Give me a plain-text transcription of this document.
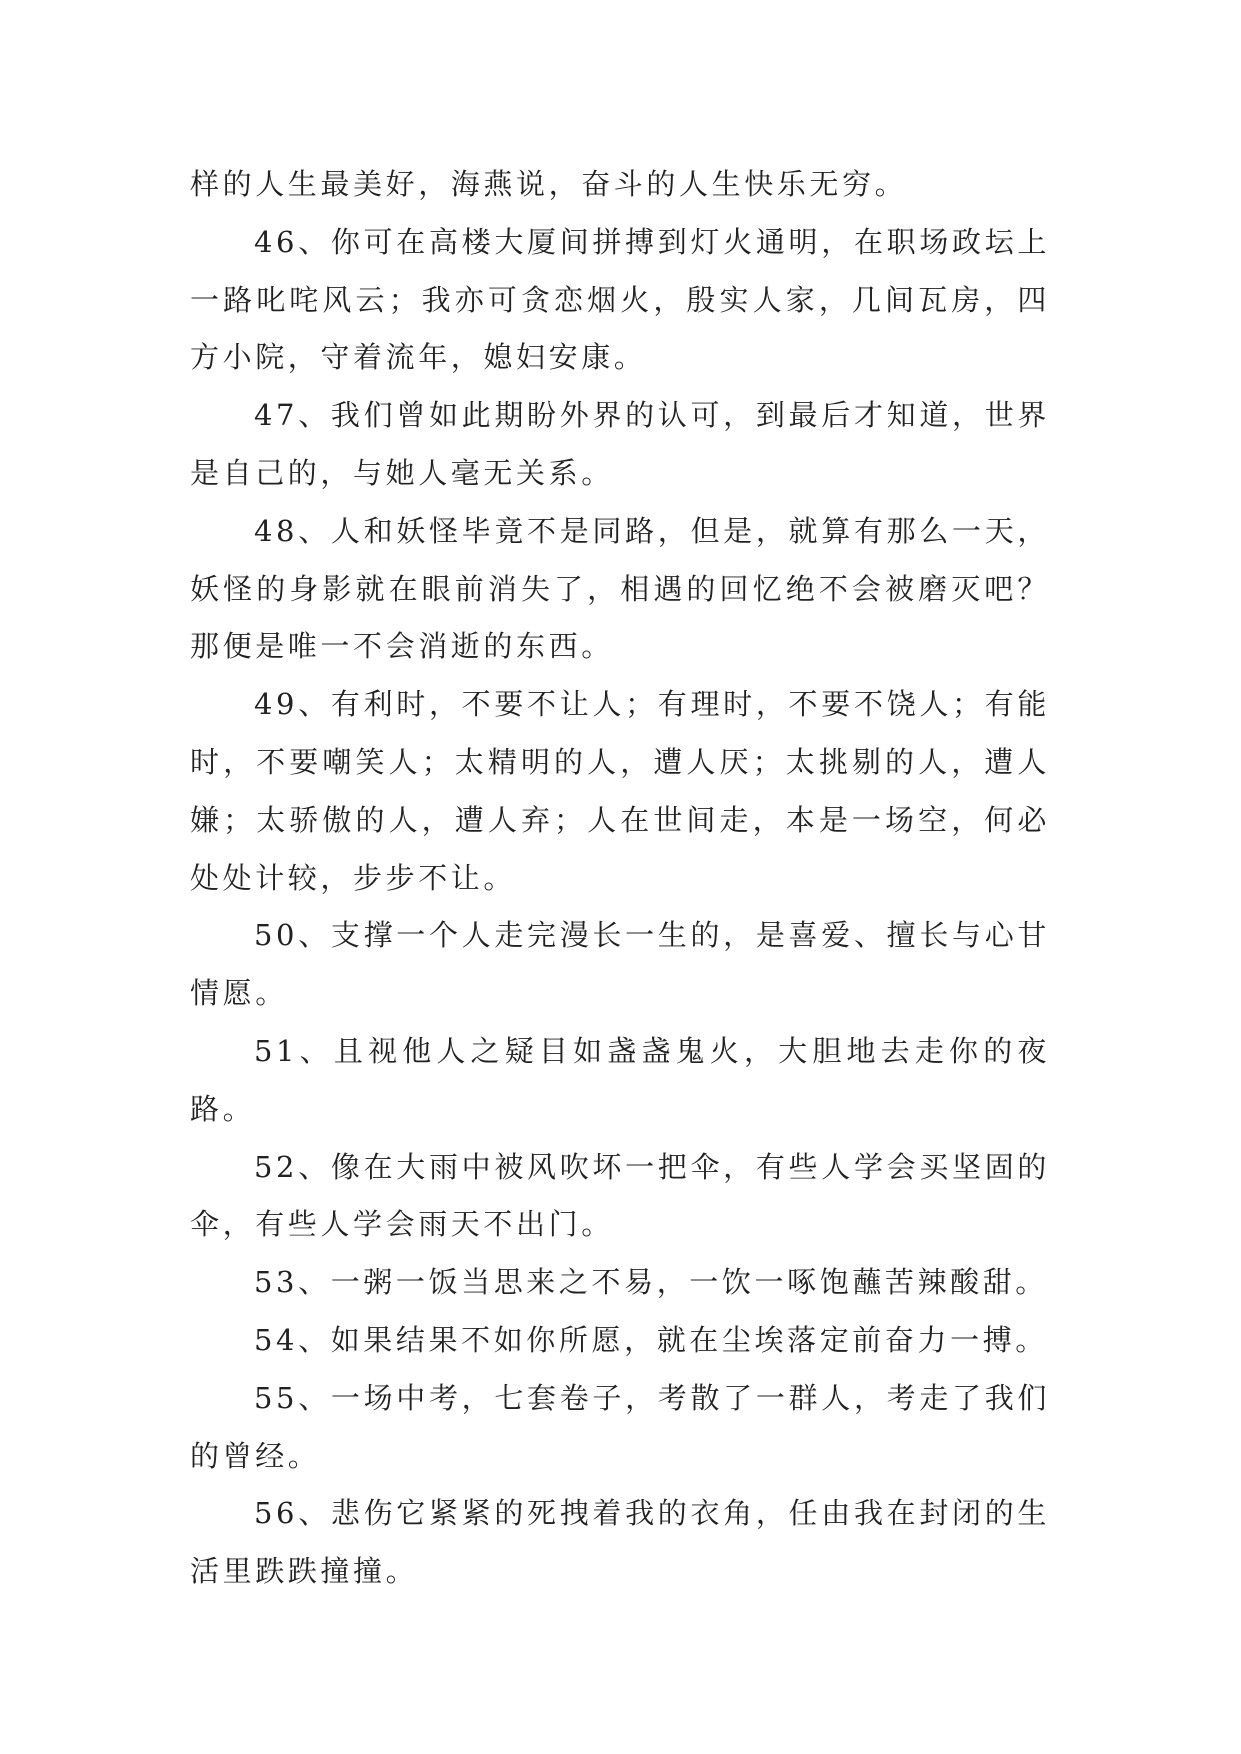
样的人生最美好，海燕说，奋斗的人生快乐无穷。

46、你可在高楼大厦间拼搏到灯火通明，在职场政坛上一路叱咤风云；我亦可贪恋烟火，殷实人家，几间瓦房，四方小院，守着流年，媳妇安康。

47、我们曾如此期盼外界的认可，到最后才知道，世界是自己的，与她人毫无关系。

48、人和妖怪毕竟不是同路，但是，就算有那么一天，妖怪的身影就在眼前消失了，相遇的回忆绝不会被磨灭吧？那便是唯一不会消逝的东西。

49、有利时，不要不让人；有理时，不要不饶人；有能时，不要嘲笑人；太精明的人，遭人厌；太挑剔的人，遭人嫌；太骄傲的人，遭人弃；人在世间走，本是一场空，何必处处计较，步步不让。

50、支撑一个人走完漫长一生的，是喜爱、擅长与心甘情愿。

51、且视他人之疑目如盏盏鬼火，大胆地去走你的夜路。

52、像在大雨中被风吹坏一把伞，有些人学会买坚固的伞，有些人学会雨天不出门。

53、一粥一饭当思来之不易，一饮一啄饱蘸苦辣酸甜。

54、如果结果不如你所愿，就在尘埃落定前奋力一搏。

55、一场中考，七套卷子，考散了一群人，考走了我们的曾经。

56、悲伤它紧紧的死拽着我的衣角，任由我在封闭的生活里跌跌撞撞。
